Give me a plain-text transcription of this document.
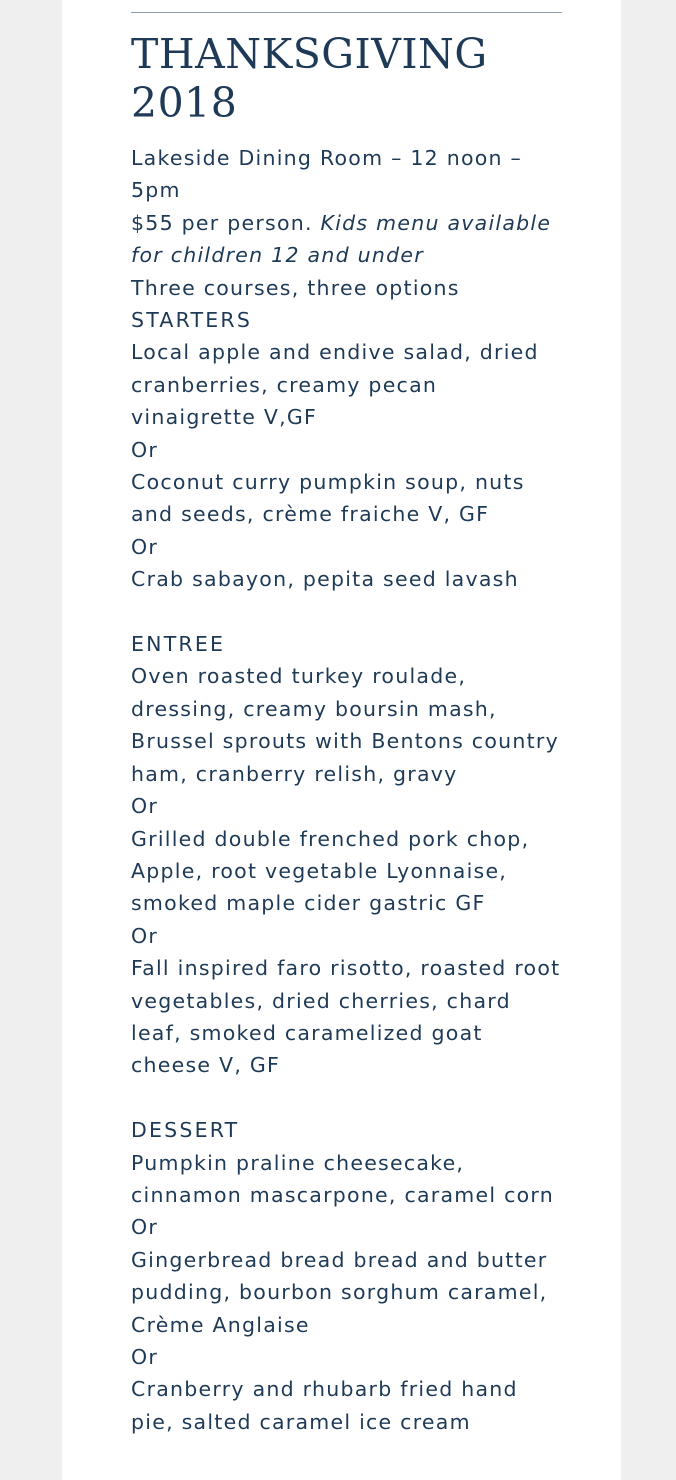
THANKSGIVING
2018

Lakeside Dining Room – 12 noon – 5pm

$55 per person. Kids menu available for children 12 and under

Three courses, three options

STARTERS

Local apple and endive salad, dried cranberries, creamy pecan vinaigrette V,GF

Or

Coconut curry pumpkin soup, nuts and seeds, crème fraiche V, GF

Or

Crab sabayon, pepita seed lavash

ENTREE

Oven roasted turkey roulade, dressing, creamy boursin mash, Brussel sprouts with Bentons country ham, cranberry relish, gravy

Or

Grilled double frenched pork chop, Apple, root vegetable Lyonnaise, smoked maple cider gastric GF

Or

Fall inspired faro risotto, roasted root vegetables, dried cherries, chard leaf, smoked caramelized goat cheese V, GF

DESSERT

Pumpkin praline cheesecake, cinnamon mascarpone, caramel corn

Or

Gingerbread bread bread and butter pudding, bourbon sorghum caramel, Crème Anglaise

Or

Cranberry and rhubarb fried hand pie, salted caramel ice cream
